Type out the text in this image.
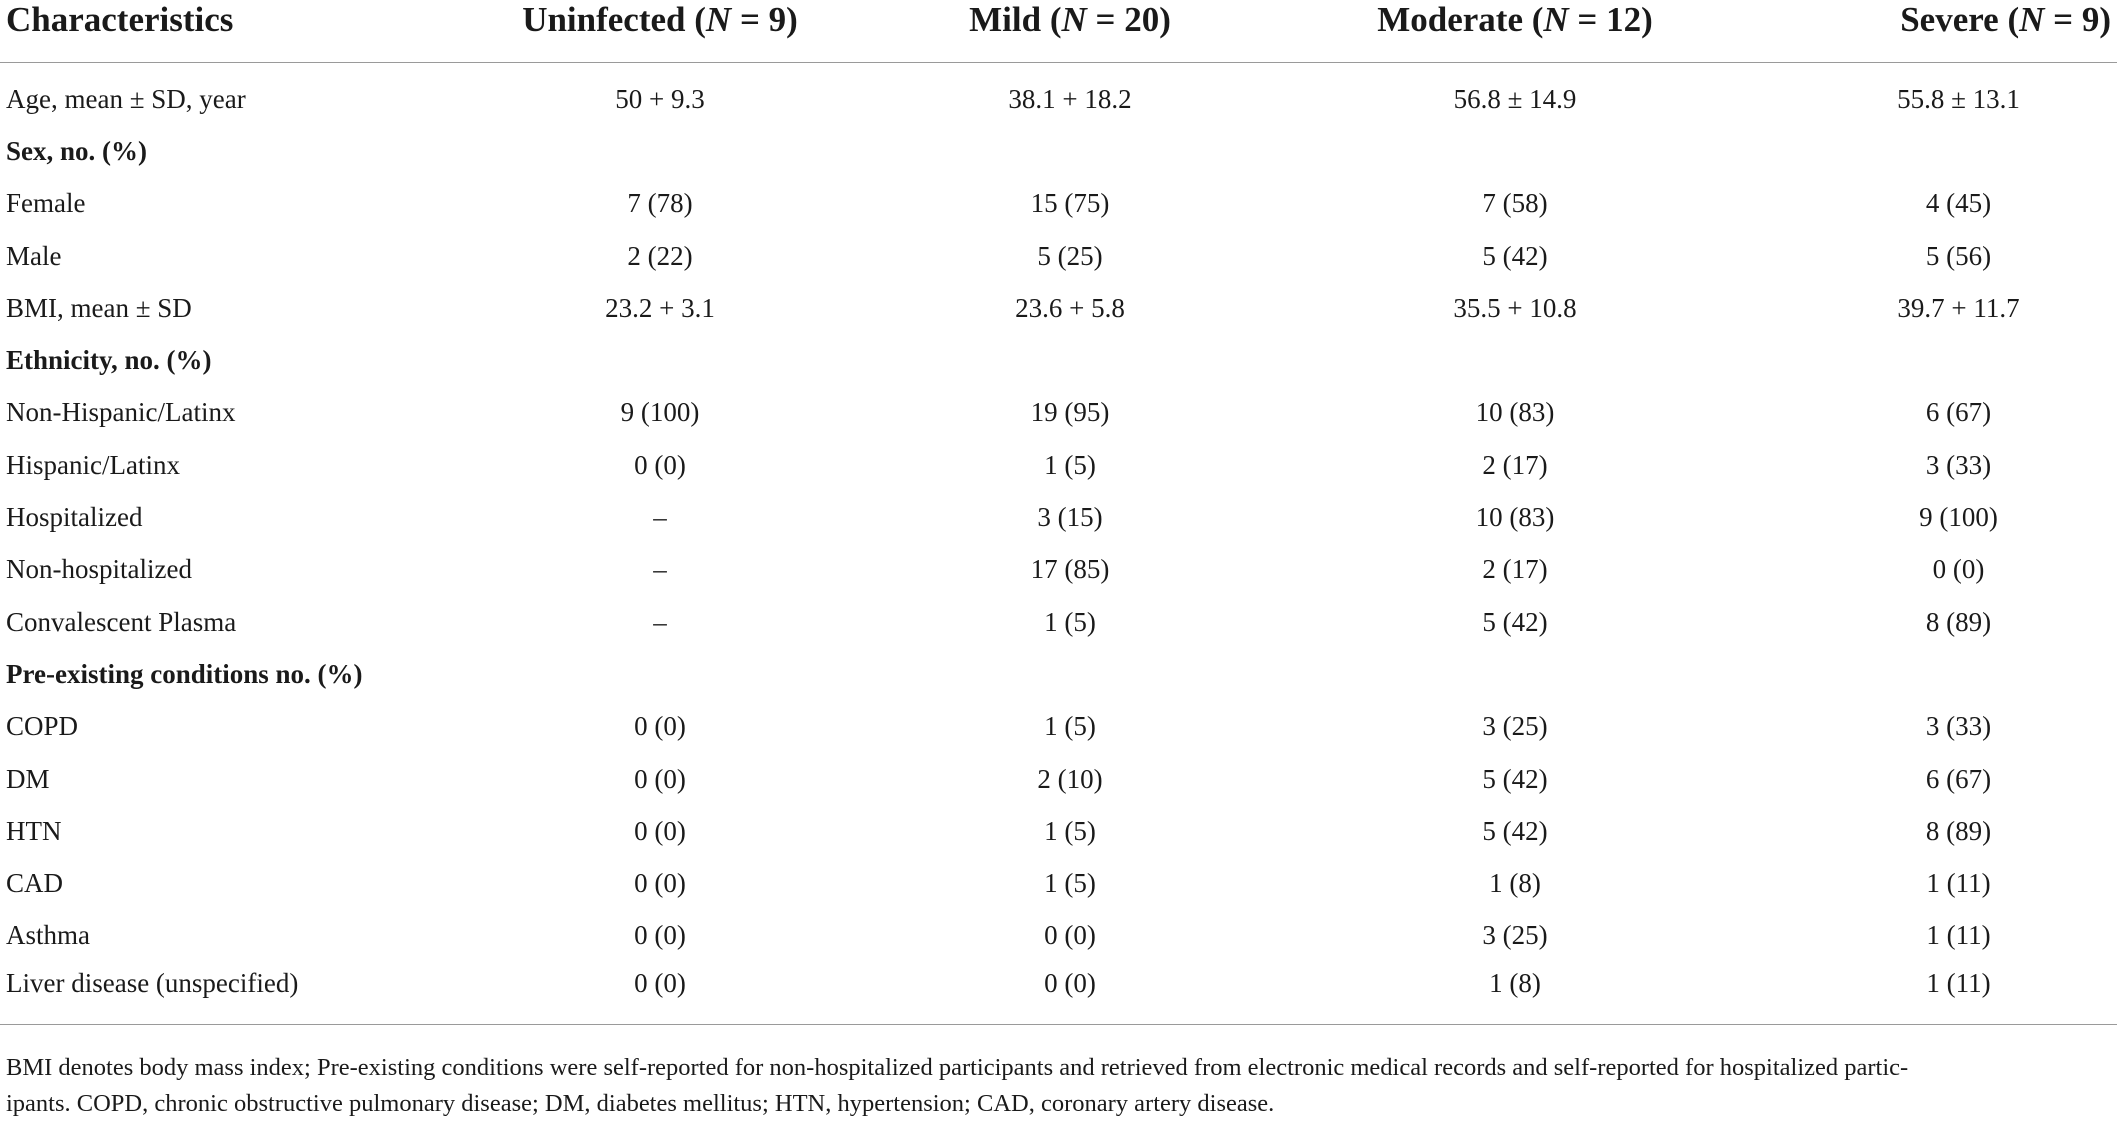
Characteristics	Uninfected (N = 9)	Mild (N = 20)	Moderate (N = 12)	Severe (N = 9)
Age, mean ± SD, year	50 + 9.3	38.1 + 18.2	56.8 ± 14.9	55.8 ± 13.1
Sex, no. (%)				
Female	7 (78)	15 (75)	7 (58)	4 (45)
Male	2 (22)	5 (25)	5 (42)	5 (56)
BMI, mean ± SD	23.2 + 3.1	23.6 + 5.8	35.5 + 10.8	39.7 + 11.7
Ethnicity, no. (%)				
Non-Hispanic/Latinx	9 (100)	19 (95)	10 (83)	6 (67)
Hispanic/Latinx	0 (0)	1 (5)	2 (17)	3 (33)
Hospitalized	–	3 (15)	10 (83)	9 (100)
Non-hospitalized	–	17 (85)	2 (17)	0 (0)
Convalescent Plasma	–	1 (5)	5 (42)	8 (89)
Pre-existing conditions no. (%)				
COPD	0 (0)	1 (5)	3 (25)	3 (33)
DM	0 (0)	2 (10)	5 (42)	6 (67)
HTN	0 (0)	1 (5)	5 (42)	8 (89)
CAD	0 (0)	1 (5)	1 (8)	1 (11)
Asthma	0 (0)	0 (0)	3 (25)	1 (11)
Liver disease (unspecified)	0 (0)	0 (0)	1 (8)	1 (11)
BMI denotes body mass index; Pre-existing conditions were self-reported for non-hospitalized participants and retrieved from electronic medical records and self-reported for hospitalized partic-
ipants. COPD, chronic obstructive pulmonary disease; DM, diabetes mellitus; HTN, hypertension; CAD, coronary artery disease.
